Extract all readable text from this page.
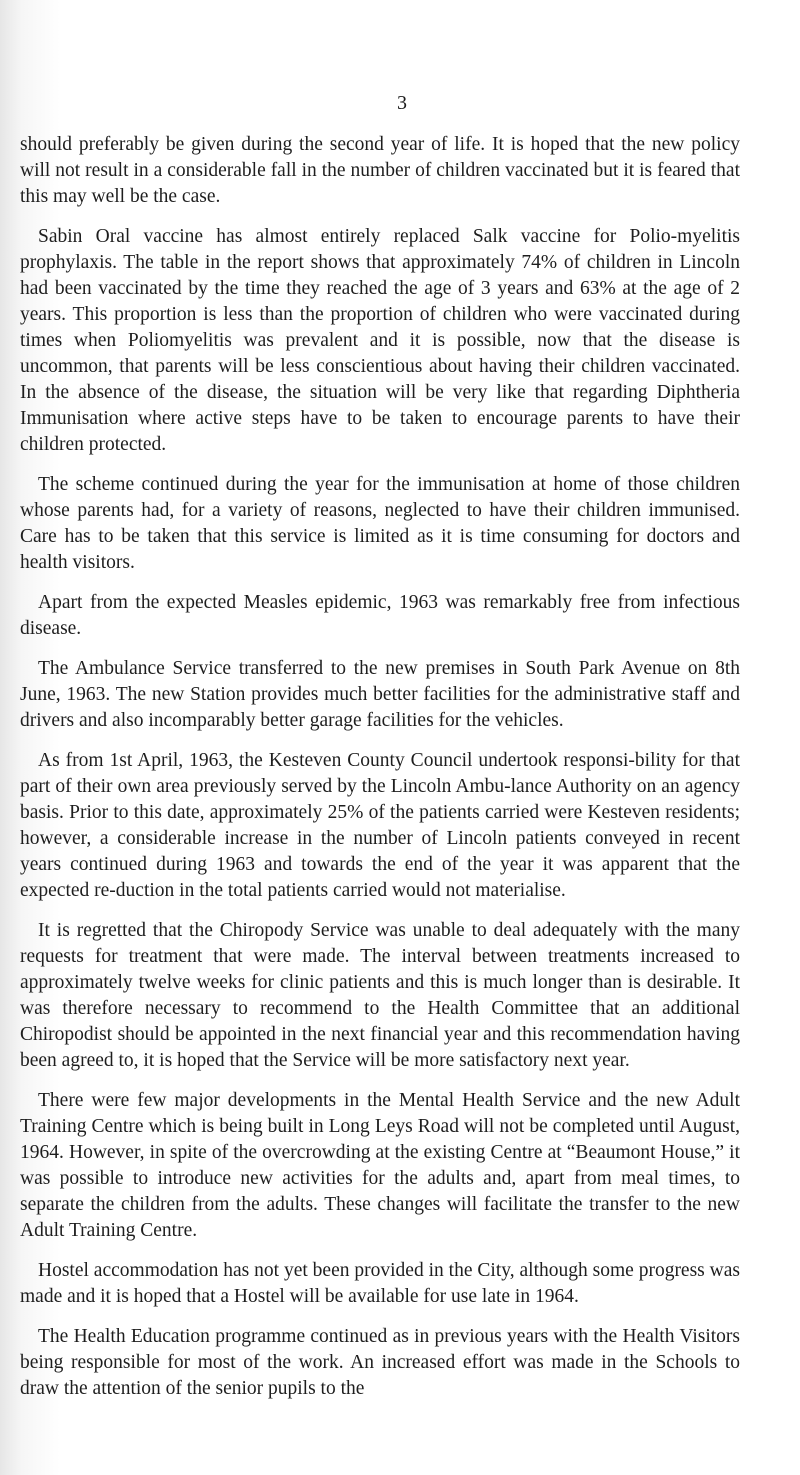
3

should preferably be given during the second year of life. It is hoped that the new policy will not result in a considerable fall in the number of children vaccinated but it is feared that this may well be the case.

Sabin Oral vaccine has almost entirely replaced Salk vaccine for Polio-myelitis prophylaxis. The table in the report shows that approximately 74% of children in Lincoln had been vaccinated by the time they reached the age of 3 years and 63% at the age of 2 years. This proportion is less than the proportion of children who were vaccinated during times when Poliomyelitis was prevalent and it is possible, now that the disease is uncommon, that parents will be less conscientious about having their children vaccinated. In the absence of the disease, the situation will be very like that regarding Diphtheria Immunisation where active steps have to be taken to encourage parents to have their children protected.

The scheme continued during the year for the immunisation at home of those children whose parents had, for a variety of reasons, neglected to have their children immunised. Care has to be taken that this service is limited as it is time consuming for doctors and health visitors.

Apart from the expected Measles epidemic, 1963 was remarkably free from infectious disease.

The Ambulance Service transferred to the new premises in South Park Avenue on 8th June, 1963. The new Station provides much better facilities for the administrative staff and drivers and also incomparably better garage facilities for the vehicles.

As from 1st April, 1963, the Kesteven County Council undertook responsi-bility for that part of their own area previously served by the Lincoln Ambu-lance Authority on an agency basis. Prior to this date, approximately 25% of the patients carried were Kesteven residents; however, a considerable increase in the number of Lincoln patients conveyed in recent years continued during 1963 and towards the end of the year it was apparent that the expected re-duction in the total patients carried would not materialise.

It is regretted that the Chiropody Service was unable to deal adequately with the many requests for treatment that were made. The interval between treatments increased to approximately twelve weeks for clinic patients and this is much longer than is desirable. It was therefore necessary to recommend to the Health Committee that an additional Chiropodist should be appointed in the next financial year and this recommendation having been agreed to, it is hoped that the Service will be more satisfactory next year.

There were few major developments in the Mental Health Service and the new Adult Training Centre which is being built in Long Leys Road will not be completed until August, 1964. However, in spite of the overcrowding at the existing Centre at “Beaumont House,” it was possible to introduce new activities for the adults and, apart from meal times, to separate the children from the adults. These changes will facilitate the transfer to the new Adult Training Centre.

Hostel accommodation has not yet been provided in the City, although some progress was made and it is hoped that a Hostel will be available for use late in 1964.

The Health Education programme continued as in previous years with the Health Visitors being responsible for most of the work. An increased effort was made in the Schools to draw the attention of the senior pupils to the
